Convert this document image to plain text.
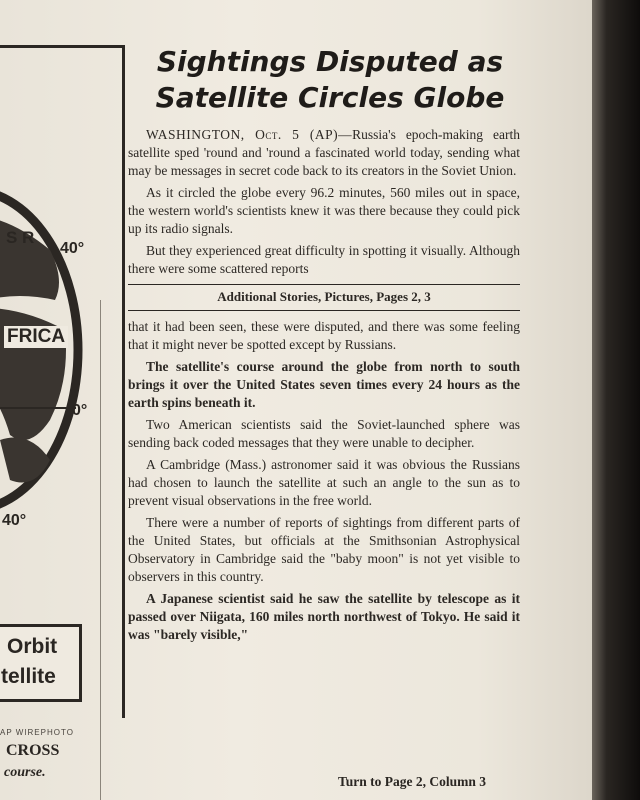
S R
40°
FRICA
0°
40°
Orbit
tellite
AP WIREPHOTO
CROSS
course.
Sightings Disputed as
Satellite Circles Globe

WASHINGTON, Oct. 5 (AP)—Russia's epoch-making earth satellite sped 'round and 'round a fascinated world today, sending what may be messages in secret code back to its creators in the Soviet Union.

As it circled the globe every 96.2 minutes, 560 miles out in space, the western world's scientists knew it was there because they could pick up its radio signals.

But they experienced great difficulty in spotting it visually. Although there were some scattered reports

Additional Stories, Pictures, Pages 2, 3

that it had been seen, these were disputed, and there was some feeling that it might never be spotted except by Russians.

The satellite's course around the globe from north to south brings it over the United States seven times every 24 hours as the earth spins beneath it.

Two American scientists said the Soviet-launched sphere was sending back coded messages that they were unable to decipher.

A Cambridge (Mass.) astronomer said it was obvious the Russians had chosen to launch the satellite at such an angle to the sun as to prevent visual observations in the free world.

There were a number of reports of sightings from different parts of the United States, but officials at the Smithsonian Astrophysical Observatory in Cambridge said the "baby moon" is not yet visible to observers in this country.

A Japanese scientist said he saw the satellite by telescope as it passed over Niigata, 160 miles north northwest of Tokyo. He said it was "barely visible,"

Turn to Page 2, Column 3
